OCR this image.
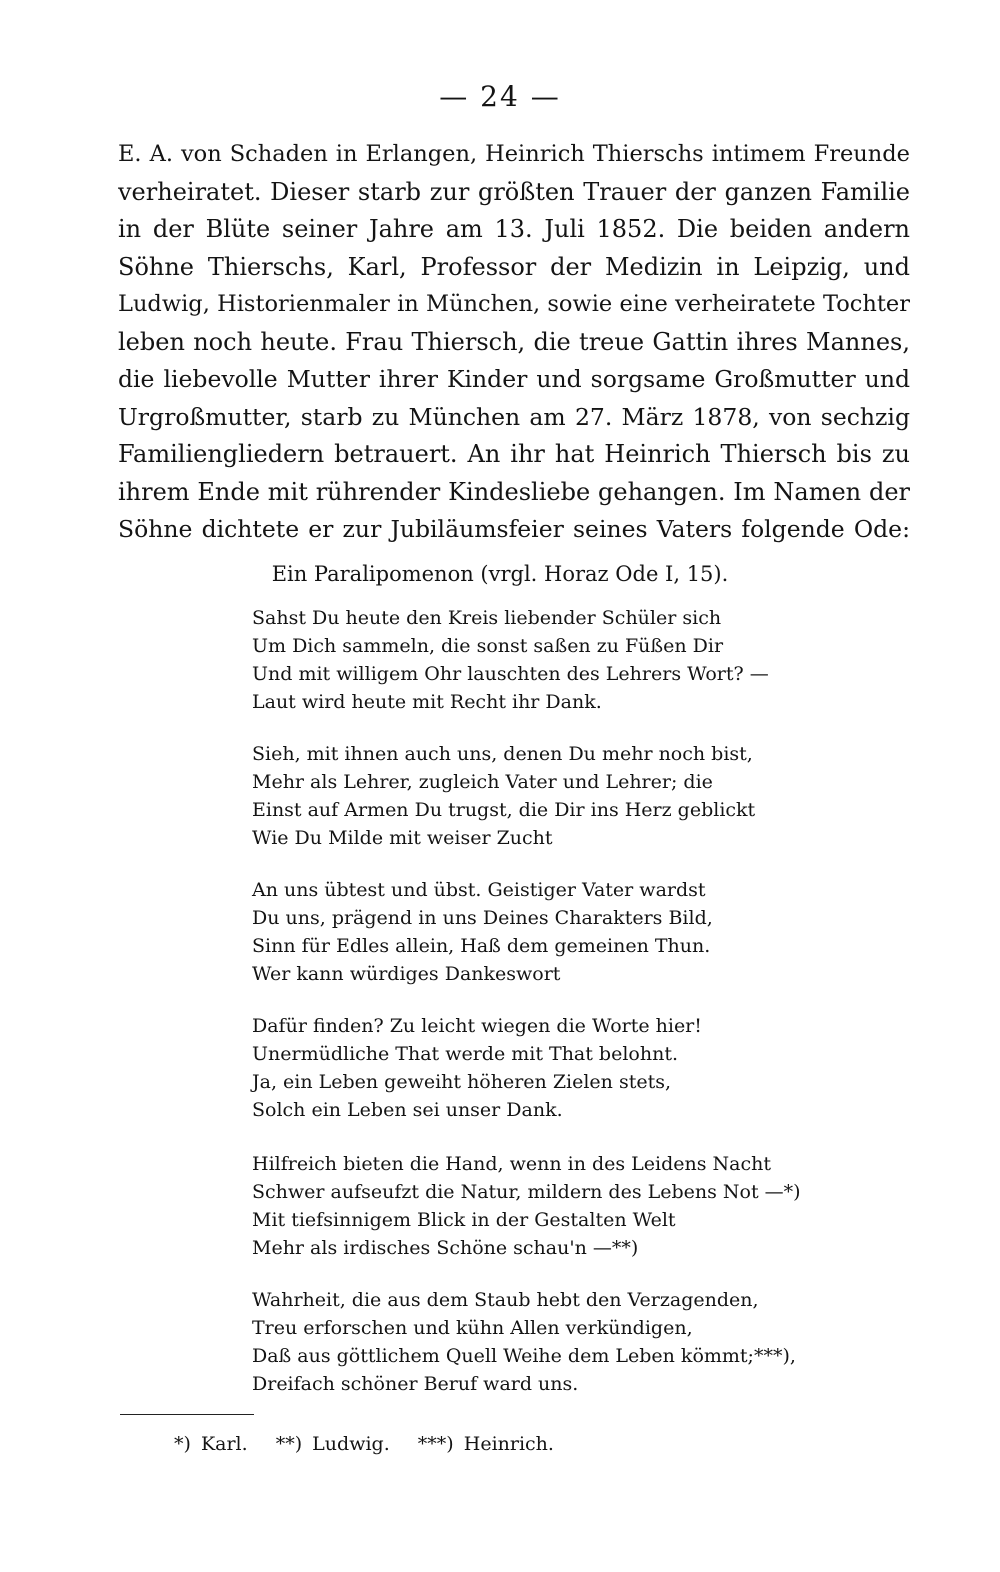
— 24 —
E. A. von Schaden in Erlangen, Heinrich Thierschs intimem Freunde
verheiratet. Dieser starb zur größten Trauer der ganzen Familie
in der Blüte seiner Jahre am 13. Juli 1852. Die beiden andern
Söhne Thierschs, Karl, Professor der Medizin in Leipzig, und
Ludwig, Historienmaler in München, sowie eine verheiratete Tochter
leben noch heute. Frau Thiersch, die treue Gattin ihres Mannes,
die liebevolle Mutter ihrer Kinder und sorgsame Großmutter und
Urgroßmutter, starb zu München am 27. März 1878, von sechzig
Familiengliedern betrauert. An ihr hat Heinrich Thiersch bis zu
ihrem Ende mit rührender Kindesliebe gehangen. Im Namen der
Söhne dichtete er zur Jubiläumsfeier seines Vaters folgende Ode:
Ein Paralipomenon (vrgl. Horaz Ode I, 15).
Sahst Du heute den Kreis liebender Schüler sich
Um Dich sammeln, die sonst saßen zu Füßen Dir
Und mit willigem Ohr lauschten des Lehrers Wort? —
Laut wird heute mit Recht ihr Dank.
Sieh, mit ihnen auch uns, denen Du mehr noch bist,
Mehr als Lehrer, zugleich Vater und Lehrer; die
Einst auf Armen Du trugst, die Dir ins Herz geblickt
Wie Du Milde mit weiser Zucht
An uns übtest und übst. Geistiger Vater wardst
Du uns, prägend in uns Deines Charakters Bild,
Sinn für Edles allein, Haß dem gemeinen Thun.
Wer kann würdiges Dankeswort
Dafür finden? Zu leicht wiegen die Worte hier!
Unermüdliche That werde mit That belohnt.
Ja, ein Leben geweiht höheren Zielen stets,
Solch ein Leben sei unser Dank.
Hilfreich bieten die Hand, wenn in des Leidens Nacht
Schwer aufseufzt die Natur, mildern des Lebens Not —*)
Mit tiefsinnigem Blick in der Gestalten Welt
Mehr als irdisches Schöne schau'n —**)
Wahrheit, die aus dem Staub hebt den Verzagenden,
Treu erforschen und kühn Allen verkündigen,
Daß aus göttlichem Quell Weihe dem Leben kömmt;***),
Dreifach schöner Beruf ward uns.
*) Karl. **) Ludwig. ***) Heinrich.
